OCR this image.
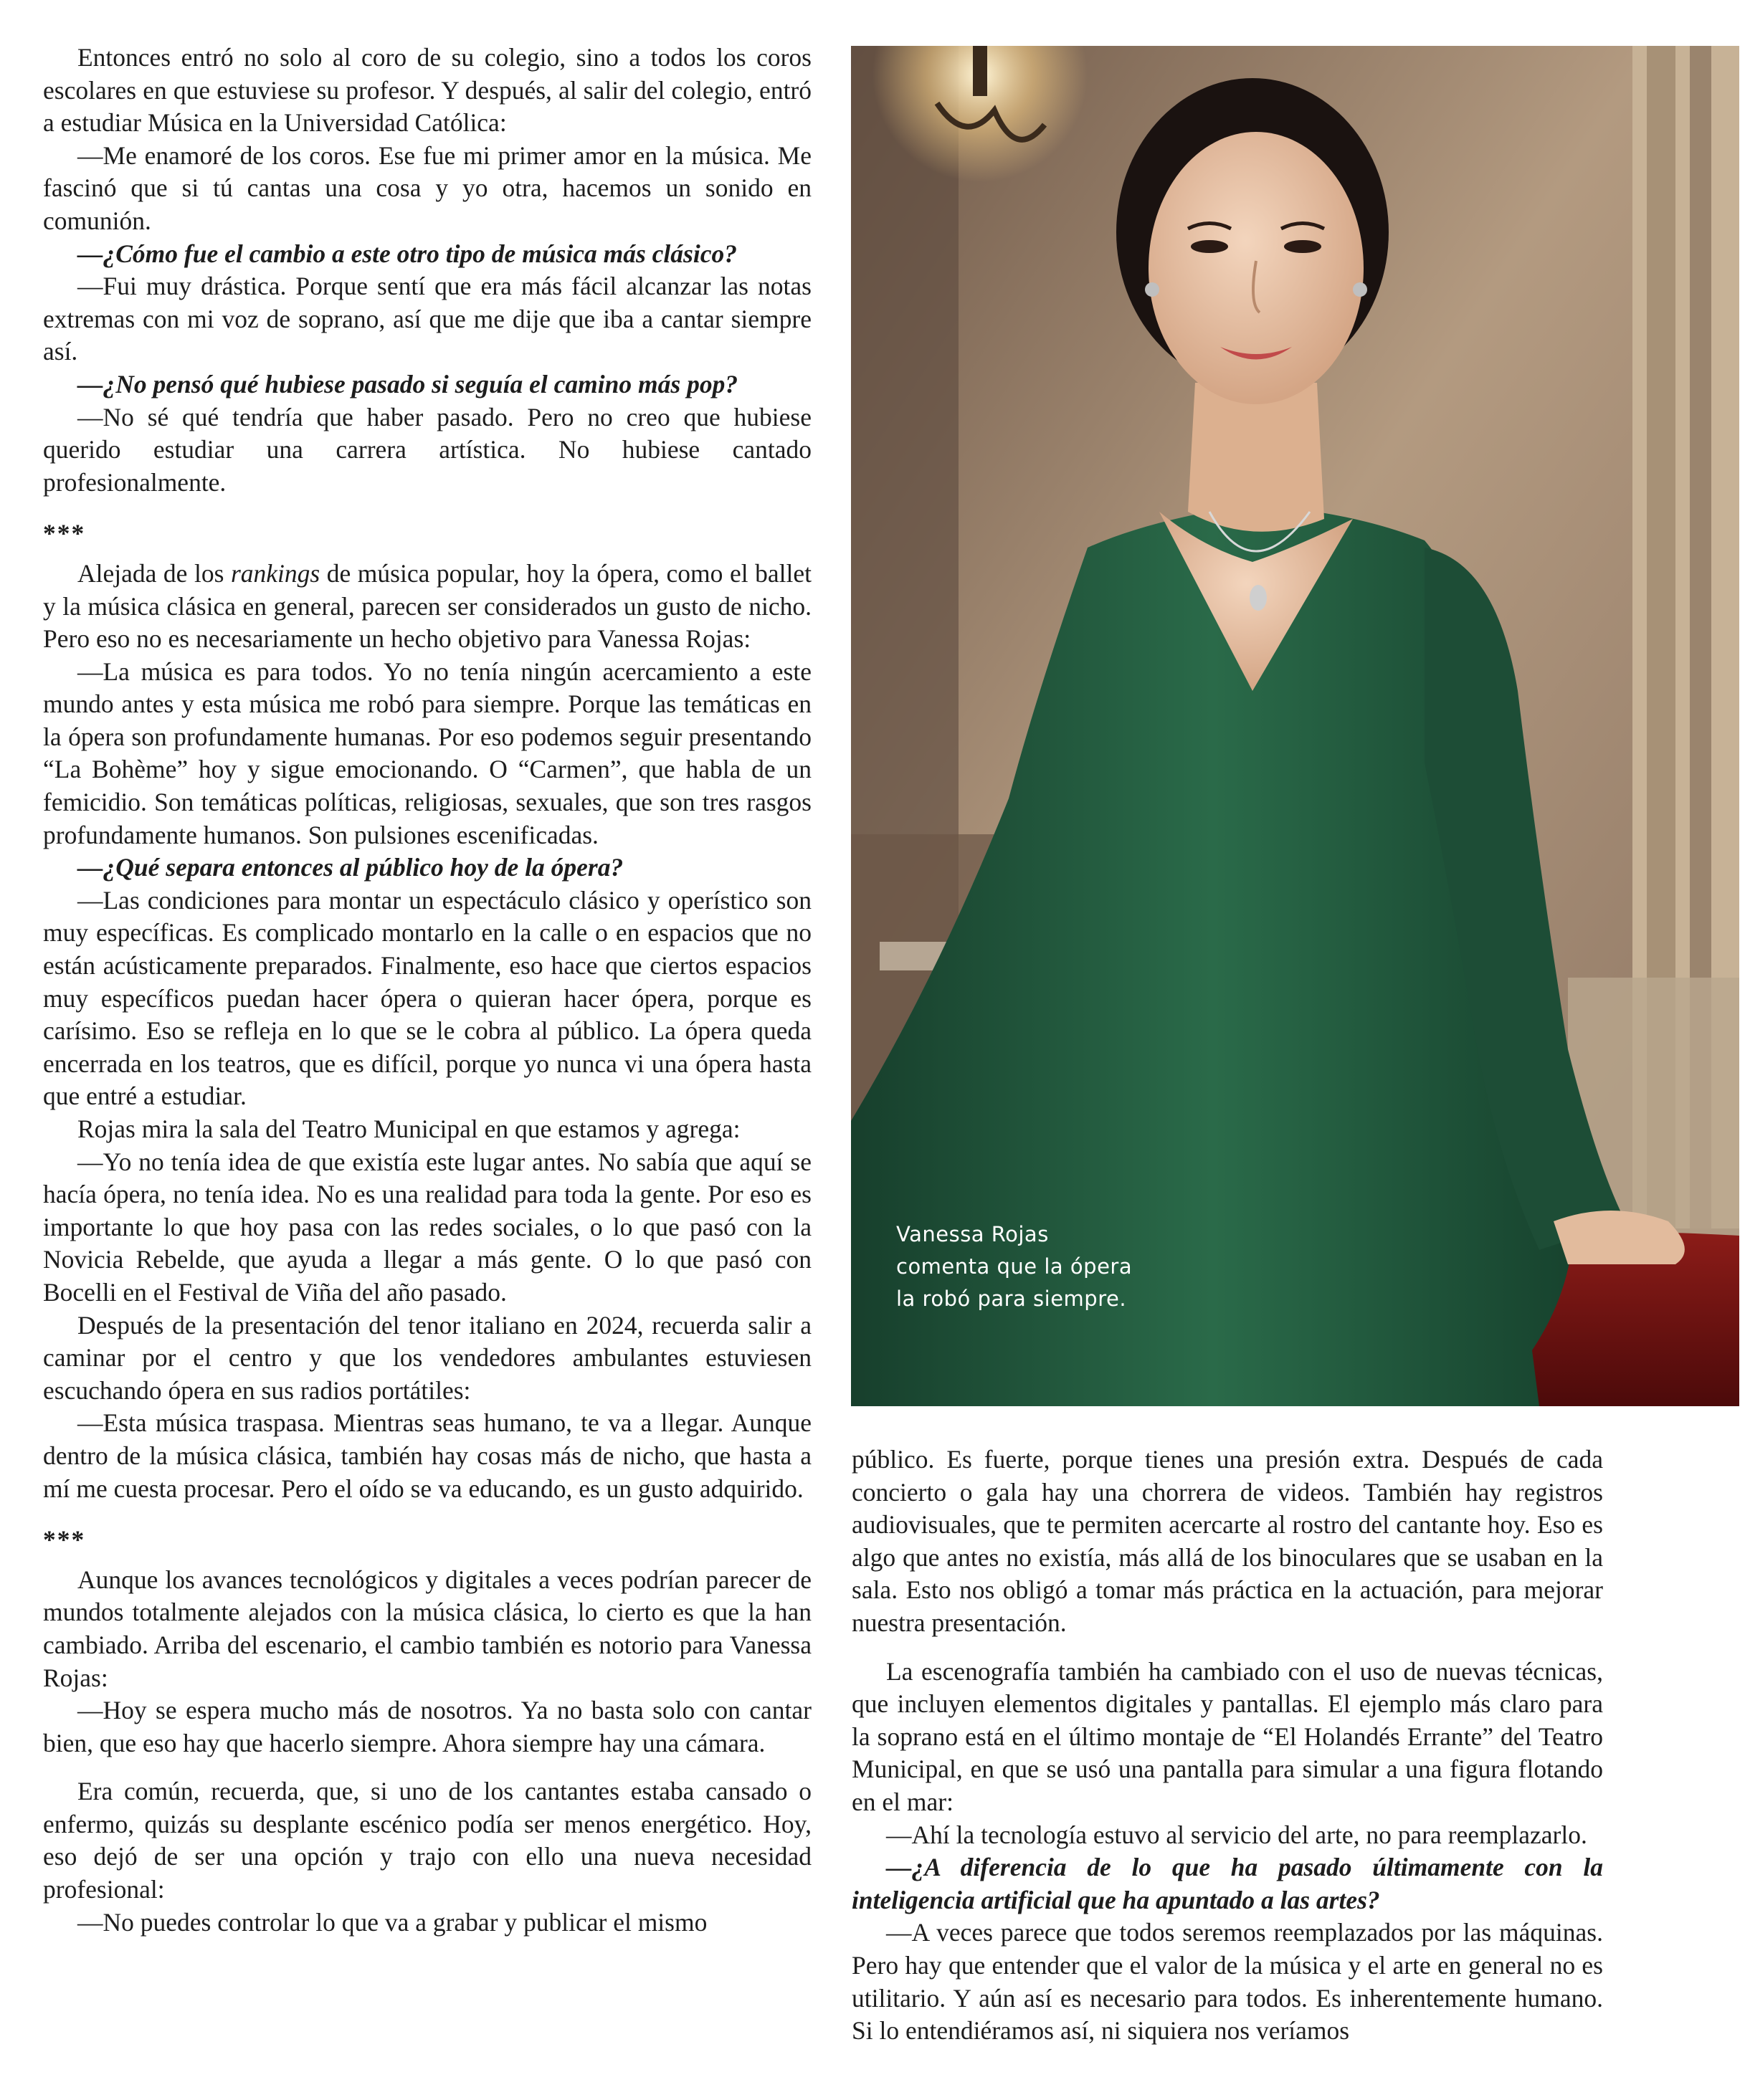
Entonces entró no solo al coro de su colegio, sino a todos los coros escolares en que estuviese su profesor. Y después, al salir del colegio, entró a estudiar Música en la Universidad Católica:

—Me enamoré de los coros. Ese fue mi primer amor en la música. Me fascinó que si tú cantas una cosa y yo otra, hacemos un sonido en comunión.

—¿Cómo fue el cambio a este otro tipo de música más clásico?

—Fui muy drástica. Porque sentí que era más fácil alcanzar las notas extremas con mi voz de soprano, así que me dije que iba a cantar siempre así.

—¿No pensó qué hubiese pasado si seguía el camino más pop?

—No sé qué tendría que haber pasado. Pero no creo que hubiese querido estudiar una carrera artística. No hubiese cantado profesionalmente.

***

Alejada de los rankings de música popular, hoy la ópera, como el ballet y la música clásica en general, parecen ser considerados un gusto de nicho. Pero eso no es necesariamente un hecho objetivo para Vanessa Rojas:

—La música es para todos. Yo no tenía ningún acercamiento a este mundo antes y esta música me robó para siempre. Porque las temáticas en la ópera son profundamente humanas. Por eso podemos seguir presentando “La Bohème” hoy y sigue emocionando. O “Carmen”, que habla de un femicidio. Son temáticas políticas, religiosas, sexuales, que son tres rasgos profundamente humanos. Son pulsiones escenificadas.

—¿Qué separa entonces al público hoy de la ópera?

—Las condiciones para montar un espectáculo clásico y operístico son muy específicas. Es complicado montarlo en la calle o en espacios que no están acústicamente preparados. Finalmente, eso hace que ciertos espacios muy específicos puedan hacer ópera o quieran hacer ópera, porque es carísimo. Eso se refleja en lo que se le cobra al público. La ópera queda encerrada en los teatros, que es difícil, porque yo nunca vi una ópera hasta que entré a estudiar.

Rojas mira la sala del Teatro Municipal en que estamos y agrega:

—Yo no tenía idea de que existía este lugar antes. No sabía que aquí se hacía ópera, no tenía idea. No es una realidad para toda la gente. Por eso es importante lo que hoy pasa con las redes sociales, o lo que pasó con la Novicia Rebelde, que ayuda a llegar a más gente. O lo que pasó con Bocelli en el Festival de Viña del año pasado.

Después de la presentación del tenor italiano en 2024, recuerda salir a caminar por el centro y que los vendedores ambulantes estuviesen escuchando ópera en sus radios portátiles:

—Esta música traspasa. Mientras seas humano, te va a llegar. Aunque dentro de la música clásica, también hay cosas más de nicho, que hasta a mí me cuesta procesar. Pero el oído se va educando, es un gusto adquirido.

***

Aunque los avances tecnológicos y digitales a veces podrían parecer de mundos totalmente alejados con la música clásica, lo cierto es que la han cambiado. Arriba del escenario, el cambio también es notorio para Vanessa Rojas:

—Hoy se espera mucho más de nosotros. Ya no basta solo con cantar bien, que eso hay que hacerlo siempre. Ahora siempre hay una cámara.

Era común, recuerda, que, si uno de los cantantes estaba cansado o enfermo, quizás su desplante escénico podía ser menos energético. Hoy, eso dejó de ser una opción y trajo con ello una nueva necesidad profesional:

—No puedes controlar lo que va a grabar y publicar el mismo

Vanessa Rojas comenta que la ópera la robó para siempre.

público. Es fuerte, porque tienes una presión extra. Después de cada concierto o gala hay una chorrera de videos. También hay registros audiovisuales, que te permiten acercarte al rostro del cantante hoy. Eso es algo que antes no existía, más allá de los binoculares que se usaban en la sala. Esto nos obligó a tomar más práctica en la actuación, para mejorar nuestra presentación.

La escenografía también ha cambiado con el uso de nuevas técnicas, que incluyen elementos digitales y pantallas. El ejemplo más claro para la soprano está en el último montaje de “El Holandés Errante” del Teatro Municipal, en que se usó una pantalla para simular a una figura flotando en el mar:

—Ahí la tecnología estuvo al servicio del arte, no para reemplazarlo.

—¿A diferencia de lo que ha pasado últimamente con la inteligencia artificial que ha apuntado a las artes?

—A veces parece que todos seremos reemplazados por las máquinas. Pero hay que entender que el valor de la música y el arte en general no es utilitario. Y aún así es necesario para todos. Es inherentemente humano. Si lo entendiéramos así, ni siquiera nos veríamos
